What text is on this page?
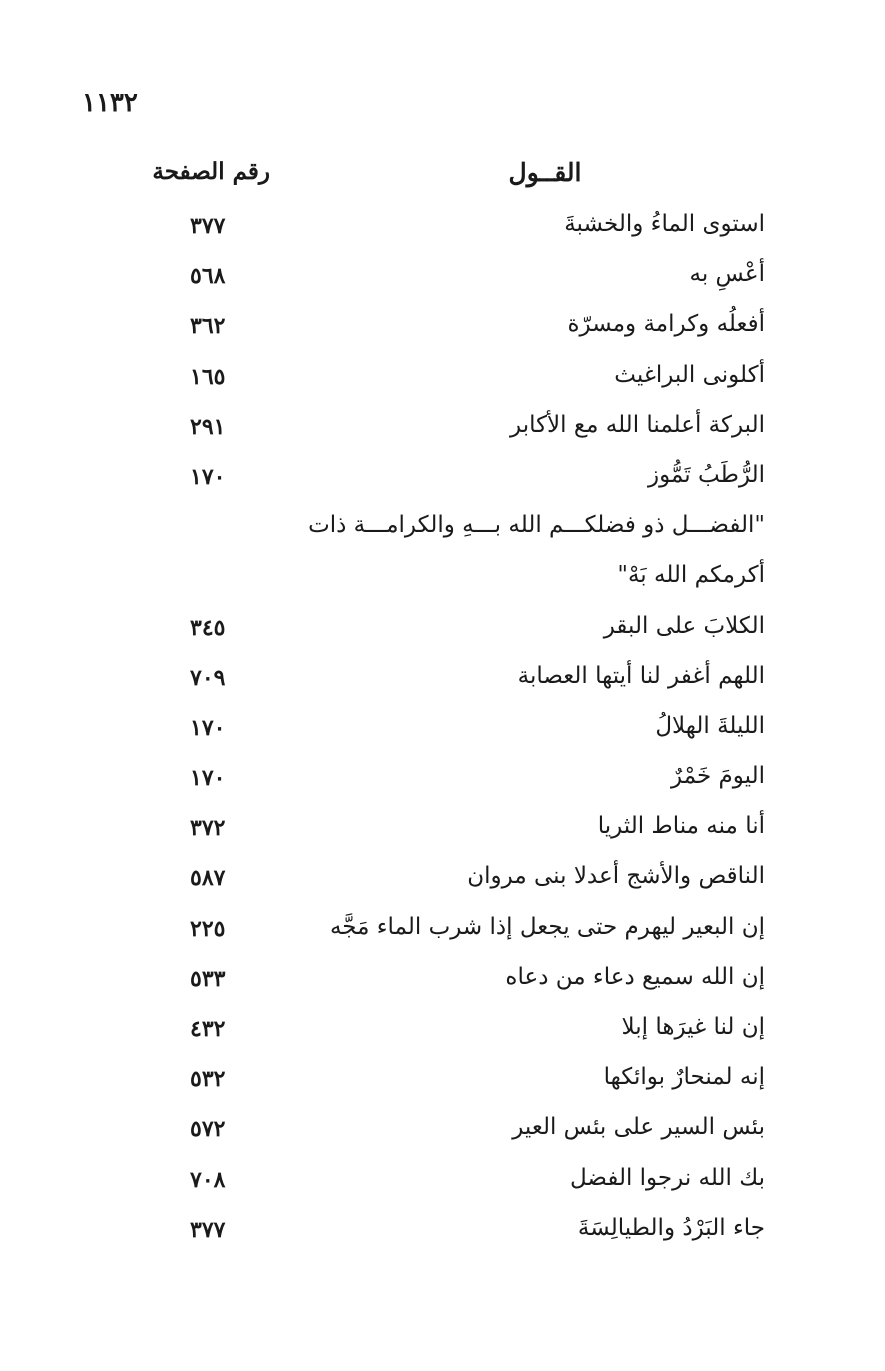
١١٣٢
القــول
رقم الصفحة
استوى الماءُ والخشبةَ
٣٧٧
أعْسِ به
٥٦٨
أفعلُه وكرامة ومسرّة
٣٦٢
أكلونى البراغيث
١٦٥
البركة أعلمنا الله مع الأكابر
٢٩١
الرُّطَبُ تَمُّوز
١٧٠
"الفضـــل ذو فضلكـــم الله بـــهِ والكرامـــة ذات
أكرمكم الله بَهْ"
الكلابَ على البقر
٣٤٥
اللهم أغفر لنا أيتها العصابة
٧٠٩
الليلةَ الهلالُ
١٧٠
اليومَ خَمْرٌ
١٧٠
أنا منه مناط الثريا
٣٧٢
الناقص والأشج أعدلا بنى مروان
٥٨٧
إن البعير ليهرم حتى يجعل إذا شرب الماء مَجَّه
٢٢٥
إن الله سميع دعاء من دعاه
٥٣٣
إن لنا غيرَها إبلا
٤٣٢
إنه لمنحارٌ بوائكها
٥٣٢
بئس السير على بئس العير
٥٧٢
بك الله نرجوا الفضل
٧٠٨
جاء البَرْدُ والطيالِسَةَ
٣٧٧
